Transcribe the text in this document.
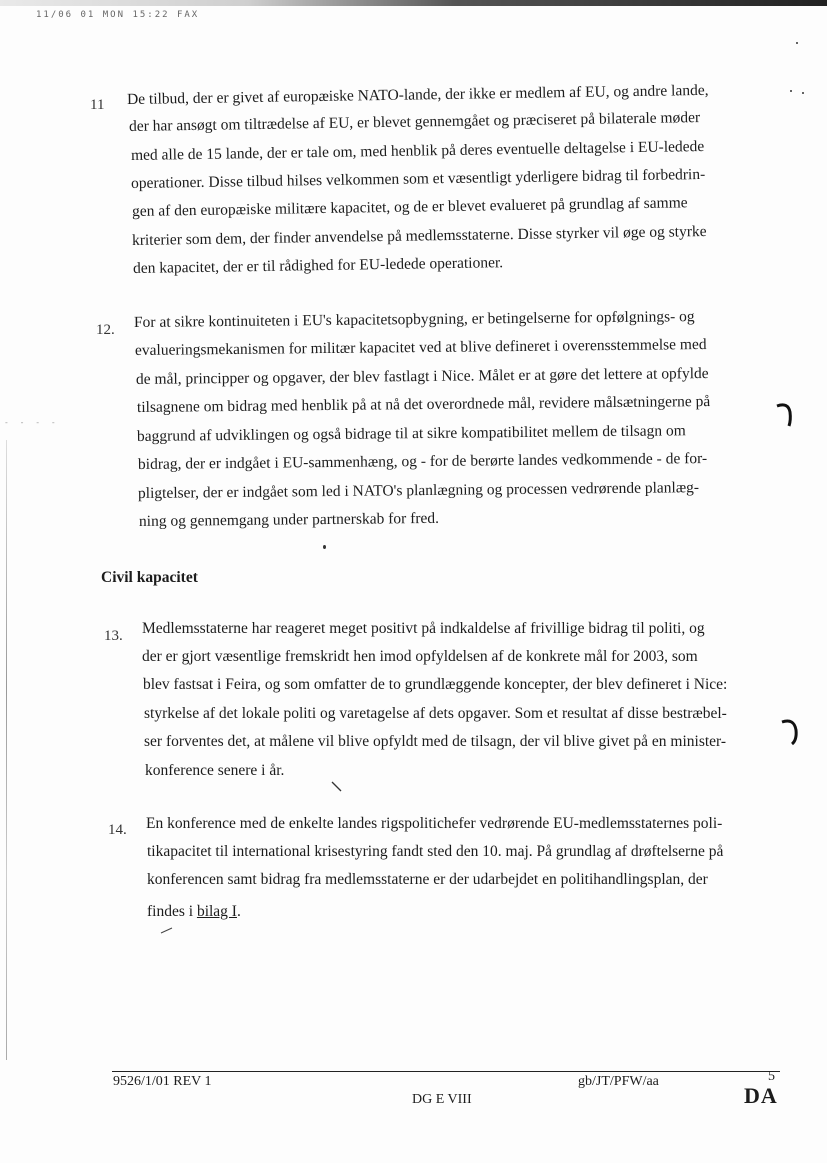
11/06 01 MON 15:22 FAX
- - - -
11 De tilbud, der er givet af europæiske NATO-lande, der ikke er medlem af EU, og andre lande,
der har ansøgt om tiltrædelse af EU, er blevet gennemgået og præciseret på bilaterale møder
med alle de 15 lande, der er tale om, med henblik på deres eventuelle deltagelse i EU-ledede
operationer. Disse tilbud hilses velkommen som et væsentligt yderligere bidrag til forbedrin-
gen af den europæiske militære kapacitet, og de er blevet evalueret på grundlag af samme
kriterier som dem, der finder anvendelse på medlemsstaterne. Disse styrker vil øge og styrke
den kapacitet, der er til rådighed for EU-ledede operationer.
12. For at sikre kontinuiteten i EU's kapacitetsopbygning, er betingelserne for opfølgnings- og
evalueringsmekanismen for militær kapacitet ved at blive defineret i overensstemmelse med
de mål, principper og opgaver, der blev fastlagt i Nice. Målet er at gøre det lettere at opfylde
tilsagnene om bidrag med henblik på at nå det overordnede mål, revidere målsætningerne på
baggrund af udviklingen og også bidrage til at sikre kompatibilitet mellem de tilsagn om
bidrag, der er indgået i EU-sammenhæng, og - for de berørte landes vedkommende - de for-
pligtelser, der er indgået som led i NATO's planlægning og processen vedrørende planlæg-
ning og gennemgang under partnerskab for fred.
Civil kapacitet
13. Medlemsstaterne har reageret meget positivt på indkaldelse af frivillige bidrag til politi, og
der er gjort væsentlige fremskridt hen imod opfyldelsen af de konkrete mål for 2003, som
blev fastsat i Feira, og som omfatter de to grundlæggende koncepter, der blev defineret i Nice:
styrkelse af det lokale politi og varetagelse af dets opgaver. Som et resultat af disse bestræbel-
ser forventes det, at målene vil blive opfyldt med de tilsagn, der vil blive givet på en minister-
konference senere i år.
14. En konference med de enkelte landes rigspolitichefer vedrørende EU-medlemsstaternes poli-
tikapacitet til international krisestyring fandt sted den 10. maj. På grundlag af drøftelserne på
konferencen samt bidrag fra medlemsstaterne er der udarbejdet en politihandlingsplan, der
findes i bilag I.
9526/1/01 REV 1
DG E VIII
gb/JT/PFW/aa	5
DA
